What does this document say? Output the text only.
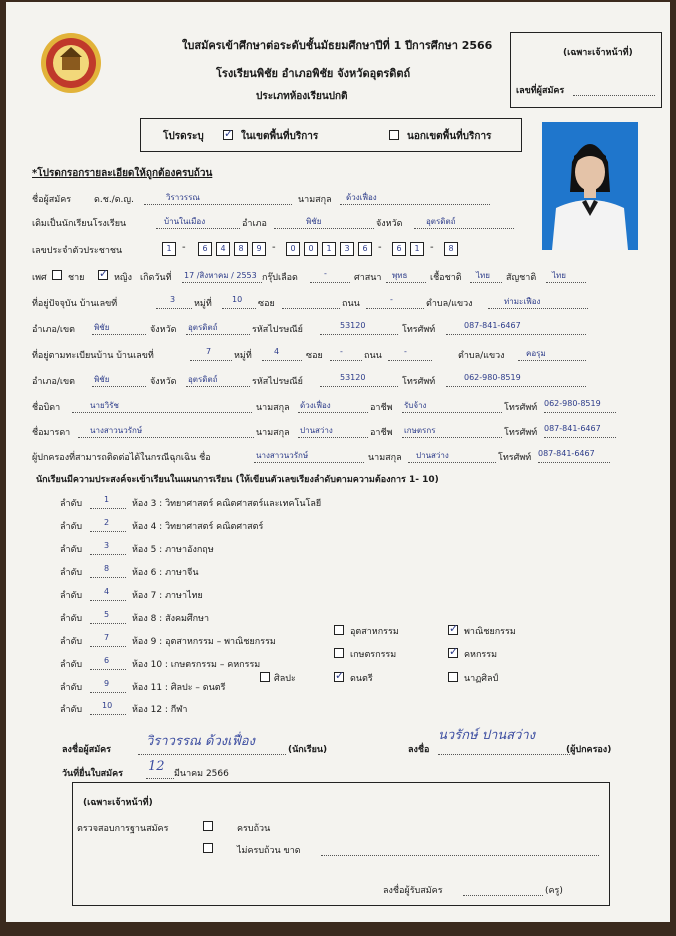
ใบสมัครเข้าศึกษาต่อระดับชั้นมัธยมศึกษาปีที่ 1 ปีการศึกษา 2566
โรงเรียนพิชัย อำเภอพิชัย จังหวัดอุตรดิตถ์
ประเภทห้องเรียนปกติ
(เฉพาะเจ้าหน้าที่)
เลขที่ผู้สมัคร
โปรดระบุ ✓	ในเขตพื้นที่บริการ	นอกเขตพื้นที่บริการ
*โปรดกรอกรายละเอียดให้ถูกต้องครบถ้วน
ชื่อผู้สมัคร	ด.ช./ด.ญ.	วิราวรรณ	นามสกุล ด้วงเฟื่อง
เดิมเป็นนักเรียนโรงเรียน	บ้านในเมือง	อำเภอ	พิชัย	จังหวัด	อุตรดิตถ์
เลขประจำตัวประชาชน	1	6	4	8	9	0	0	1	3	6	6	1	8
-	-	-	-
เพศ ชาย ✓	หญิง เกิดวันที่ 17 /สิงหาคม / 2553 กรุ๊ปเลือด	-	ศาสนา พุทธ	เชื้อชาติ ไทย สัญชาติ ไทย
ที่อยู่ปัจจุบัน บ้านเลขที่	3 หมู่ที่	10 ซอย	ถนน	-	ตำบล/แขวง	ท่ามะเฟือง
อำเภอ/เขต พิชัย	จังหวัด อุตรดิตถ์	รหัสไปรษณีย์	53120	โทรศัพท์	087-841-6467
ที่อยู่ตามทะเบียนบ้าน บ้านเลขที่	7	หมู่ที่	4	ซอย - ถนน	-	ตำบล/แขวง	คอรุม
อำเภอ/เขต พิชัย	จังหวัด อุตรดิตถ์	รหัสไปรษณีย์	53120	โทรศัพท์	062-980-8519
ชื่อบิดา	นายวิรัช	นามสกุล ด้วงเฟื่อง	อาชีพ รับจ้าง	โทรศัพท์ 062-980-8519
ชื่อมารดา นางสาวนวรักษ์	นามสกุล ปานสว่าง	อาชีพ เกษตรกร	โทรศัพท์ 087-841-6467
ผู้ปกครองที่สามารถติดต่อได้ในกรณีฉุกเฉิน ชื่อ	นางสาวนวรักษ์	นามสกุล ปานสว่าง	โทรศัพท์ 087-841-6467
นักเรียนมีความประสงค์จะเข้าเรียนในแผนการเรียน (ให้เขียนตัวเลขเรียงลำดับตามความต้องการ 1- 10)
ลำดับ	1	ห้อง 3 : วิทยาศาสตร์ คณิตศาสตร์และเทคโนโลยี
ลำดับ	2	ห้อง 4 : วิทยาศาสตร์ คณิตศาสตร์
ลำดับ	3	ห้อง 5 : ภาษาอังกฤษ
ลำดับ	8	ห้อง 6 : ภาษาจีน
ลำดับ	4	ห้อง 7 : ภาษาไทย
ลำดับ	5	ห้อง 8 : สังคมศึกษา
ลำดับ	7	ห้อง 9 : อุตสาหกรรม – พาณิชยกรรม
อุตสาหกรรม ✓	พาณิชยกรรม
ลำดับ	6	ห้อง 10 : เกษตรกรรม – คหกรรม
เกษตรกรรม ✓	คหกรรม
ลำดับ	9	ห้อง 11 : ศิลปะ – ดนตรี
ศิลปะ ✓	ดนตรี	นาฏศิลป์
ลำดับ 10 ห้อง 12 : กีฬา
ลงชื่อผู้สมัคร
วิราวรรณ ด้วงเฟื่อง
(นักเรียน)	ลงชื่อ
นวรักษ์ ปานสว่าง
(ผู้ปกครอง)
วันที่ยื่นใบสมัคร 12 มีนาคม 2566
(เฉพาะเจ้าหน้าที่)
ตรวจสอบการฐานสมัคร	ครบถ้วน
ไม่ครบถ้วน ขาด
ลงชื่อผู้รับสมัคร	(ครู)
